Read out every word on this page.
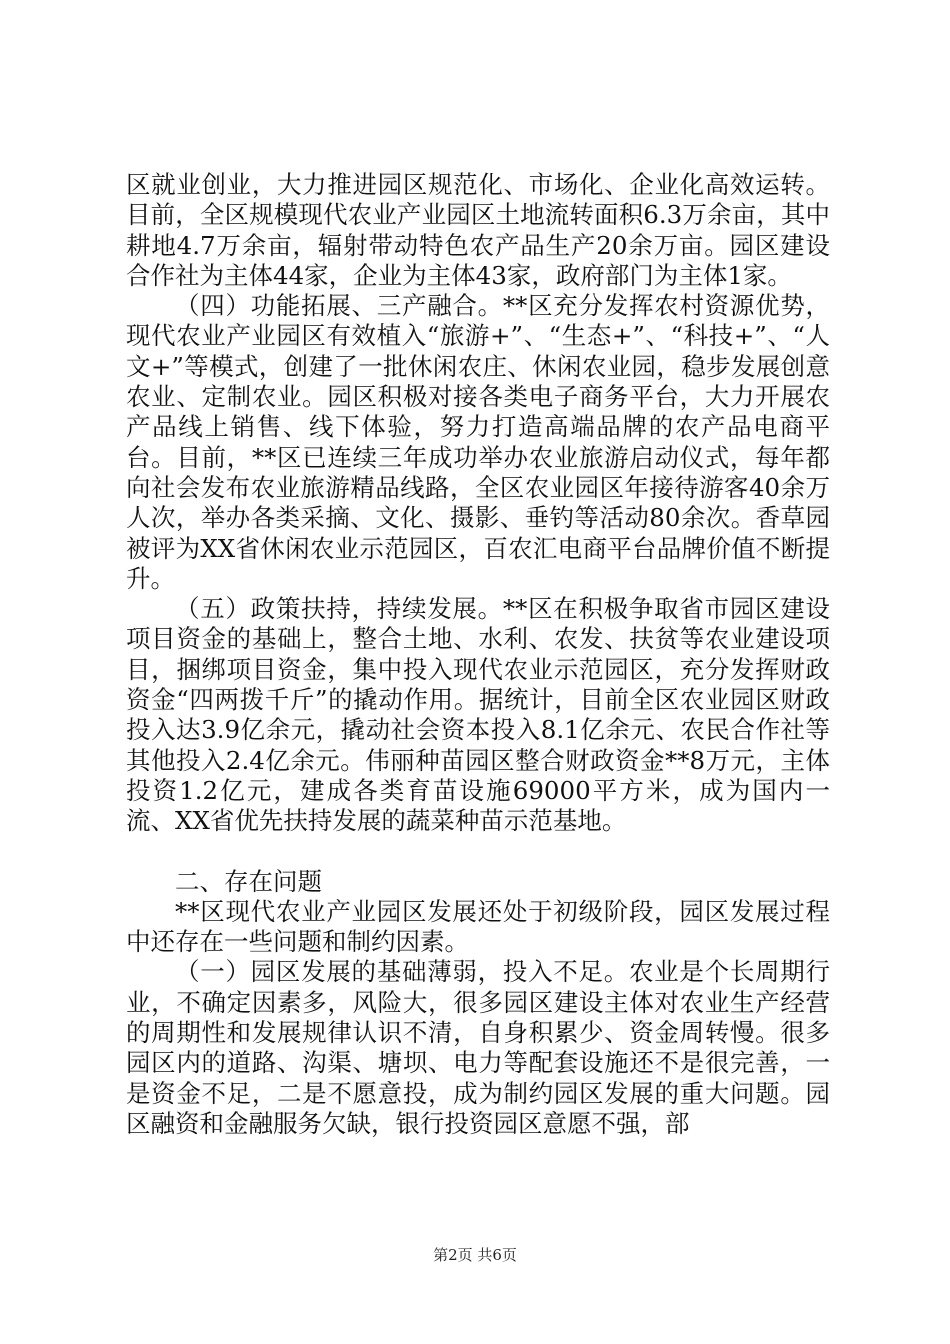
区就业创业，大力推进园区规范化、市场化、企业化高效运转。目前，全区规模现代农业产业园区土地流转面积6.3万余亩，其中耕地4.7万余亩，辐射带动特色农产品生产20余万亩。园区建设合作社为主体44家，企业为主体43家，政府部门为主体1家。

（四）功能拓展、三产融合。**区充分发挥农村资源优势，现代农业产业园区有效植入“旅游+”、“生态+”、“科技+”、“人文+”等模式，创建了一批休闲农庄、休闲农业园，稳步发展创意农业、定制农业。园区积极对接各类电子商务平台，大力开展农产品线上销售、线下体验，努力打造高端品牌的农产品电商平台。目前，**区已连续三年成功举办农业旅游启动仪式，每年都向社会发布农业旅游精品线路，全区农业园区年接待游客40余万人次，举办各类采摘、文化、摄影、垂钓等活动80余次。香草园被评为XX省休闲农业示范园区，百农汇电商平台品牌价值不断提升。

（五）政策扶持，持续发展。**区在积极争取省市园区建设项目资金的基础上，整合土地、水利、农发、扶贫等农业建设项目，捆绑项目资金，集中投入现代农业示范园区，充分发挥财政资金“四两拨千斤”的撬动作用。据统计，目前全区农业园区财政投入达3.9亿余元，撬动社会资本投入8.1亿余元、农民合作社等其他投入2.4亿余元。伟丽种苗园区整合财政资金**8万元，主体投资1.2亿元，建成各类育苗设施69000平方米，成为国内一流、XX省优先扶持发展的蔬菜种苗示范基地。

二、存在问题

**区现代农业产业园区发展还处于初级阶段，园区发展过程中还存在一些问题和制约因素。

（一）园区发展的基础薄弱，投入不足。农业是个长周期行业，不确定因素多，风险大，很多园区建设主体对农业生产经营的周期性和发展规律认识不清，自身积累少、资金周转慢。很多园区内的道路、沟渠、塘坝、电力等配套设施还不是很完善，一是资金不足，二是不愿意投，成为制约园区发展的重大问题。园区融资和金融服务欠缺，银行投资园区意愿不强，部

第2页 共6页
